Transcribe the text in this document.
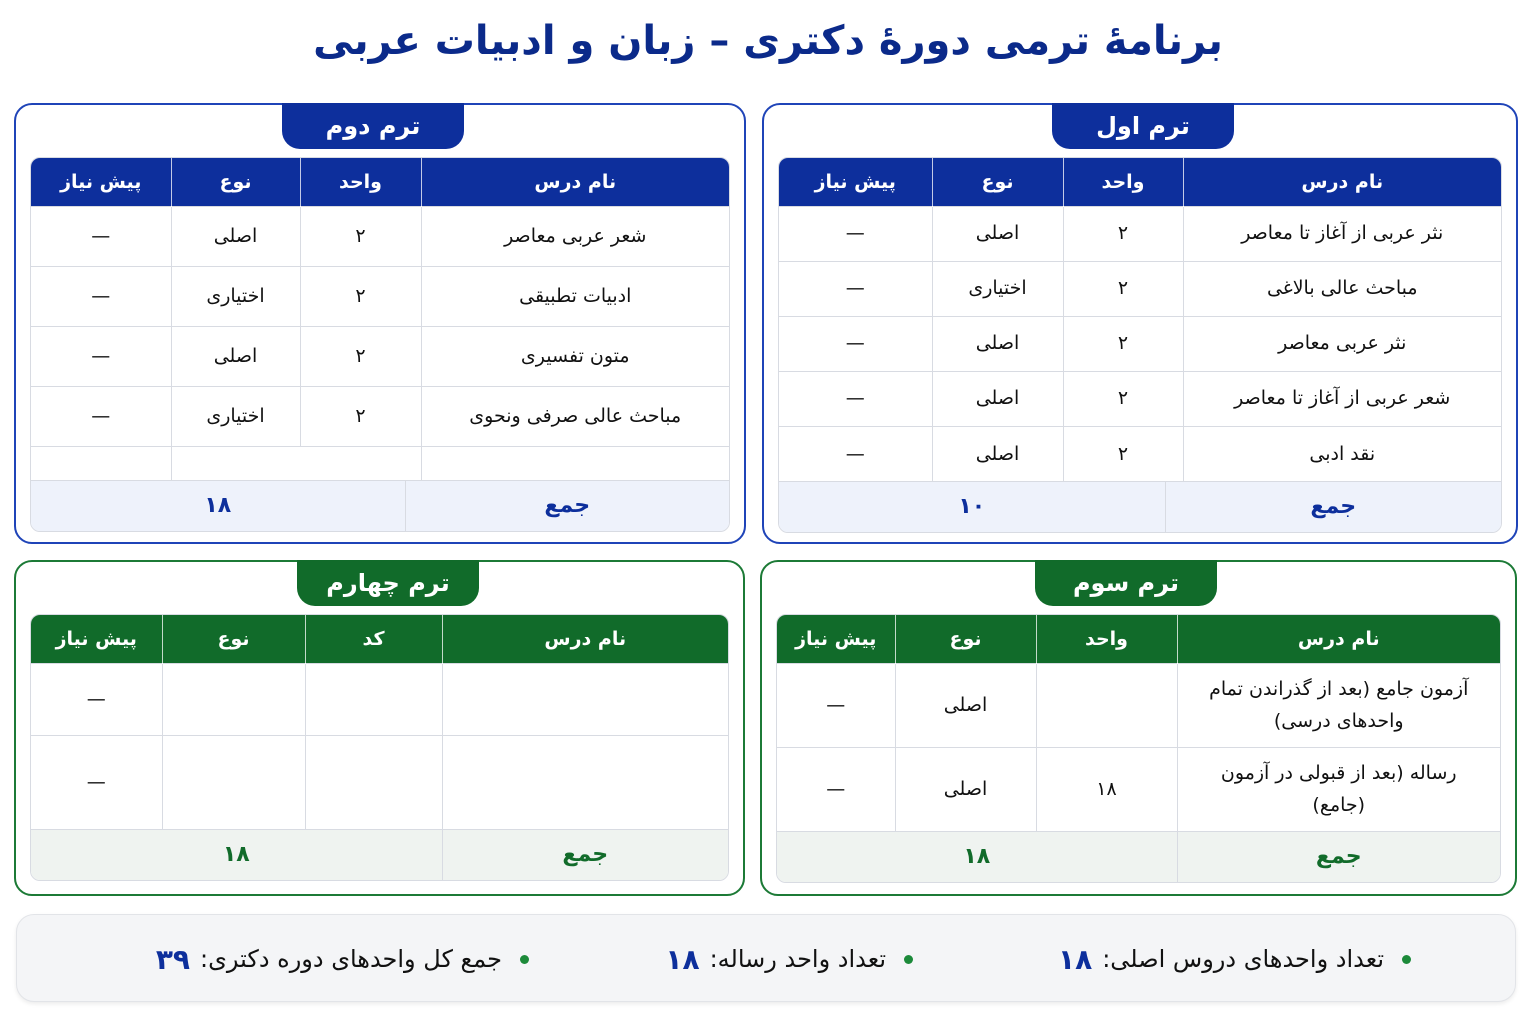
برنامهٔ ترمی دورهٔ دکتری – زبان و ادبیات عربی
ترم اول
نام درس	واحد	نوع	پیش نیاز
نثر عربی از آغاز تا معاصر	۲	اصلی	—
مباحث عالی بالاغی	۲	اختیاری	—
نثر عربی معاصر	۲	اصلی	—
شعر عربی از آغاز تا معاصر	۲	اصلی	—
نقد ادبی	۲	اصلی	—
جمع	۱۰
ترم دوم
نام درس	واحد	نوع	پیش نیاز
شعر عربی معاصر	۲	اصلی	—
ادبیات تطبیقی	۲	اختیاری	—
متون تفسیری	۲	اصلی	—
مباحث عالی صرفی ونحوی	۲	اختیاری	—

جمع	۱۸
ترم سوم
نام درس	واحد	نوع	پیش نیاز
آزمون جامع (بعد از گذراندن تمام واحدهای درسی)		اصلی	—
رساله (بعد از قبولی در آزمون (جامع)	۱۸	اصلی	—
جمع	۱۸
ترم چهارم
نام درس	کد	نوع	پیش نیاز
			—
			—
جمع	۱۸
تعداد واحدهای دروس اصلی:
۱۸
تعداد واحد رساله:
۱۸
جمع کل واحدهای دوره دکتری:
۳۹
